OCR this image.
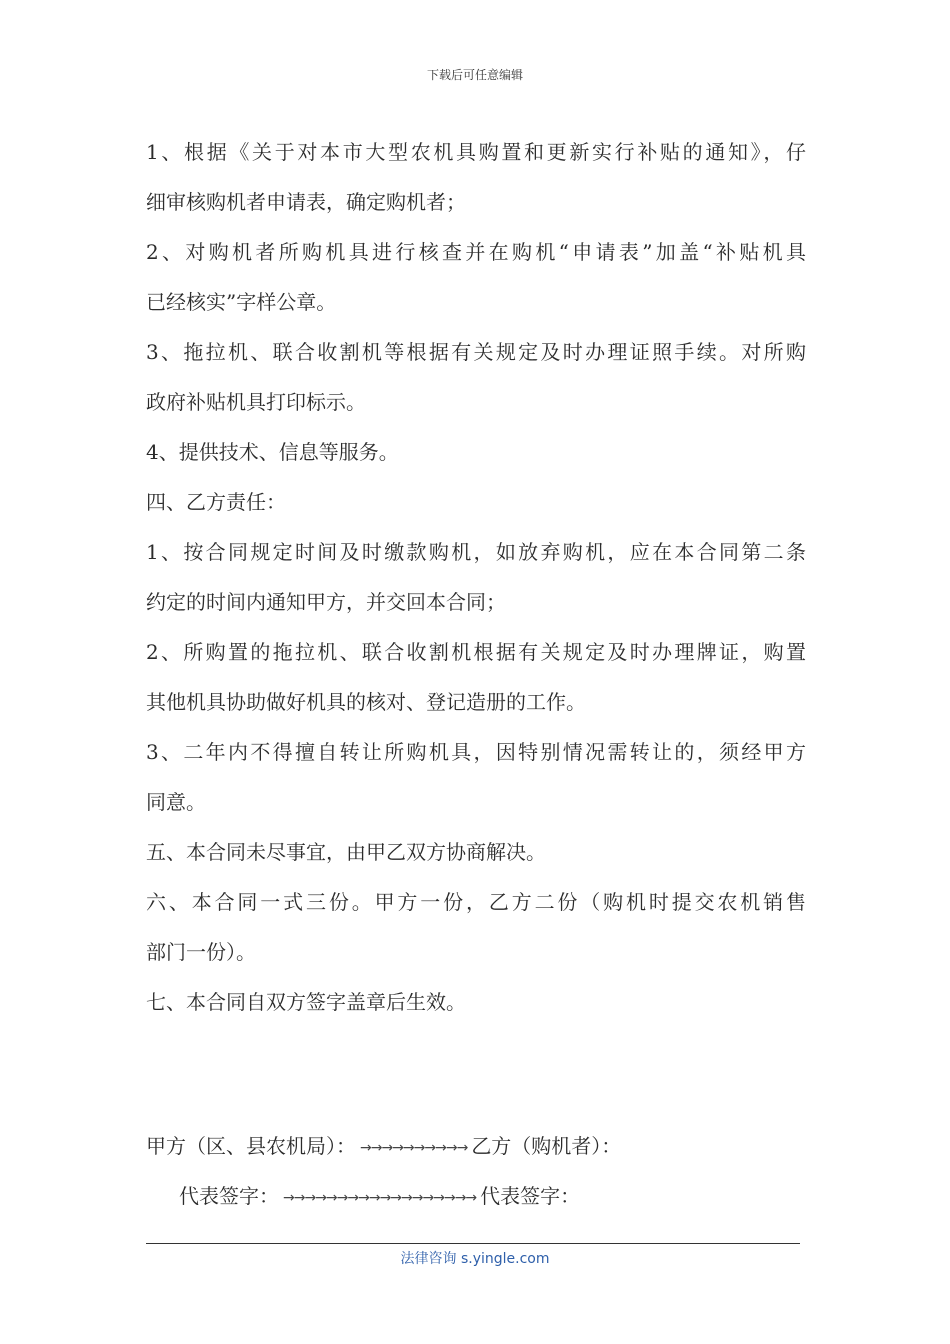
下载后可任意编辑
1、根据《关于对本市大型农机具购置和更新实行补贴的通知》，仔
细审核购机者申请表，确定购机者；
2、对购机者所购机具进行核查并在购机“申请表”加盖“补贴机具
已经核实”字样公章。
3、拖拉机、联合收割机等根据有关规定及时办理证照手续。对所购
政府补贴机具打印标示。
4、提供技术、信息等服务。
四、乙方责任：
1、按合同规定时间及时缴款购机，如放弃购机，应在本合同第二条
约定的时间内通知甲方，并交回本合同；
2、所购置的拖拉机、联合收割机根据有关规定及时办理牌证，购置
其他机具协助做好机具的核对、登记造册的工作。
3、二年内不得擅自转让所购机具，因特别情况需转让的，须经甲方
同意。
五、本合同未尽事宜，由甲乙双方协商解决。
六、本合同一式三份。甲方一份，乙方二份（购机时提交农机销售
部门一份）。
七、本合同自双方签字盖章后生效。
甲方（区、县农机局）： →→→→→→→→→→ 乙方（购机者）：
代表签字： →→→→→→→→→→→→→→→→→→ 代表签字：
法律咨询 s.yingle.com
